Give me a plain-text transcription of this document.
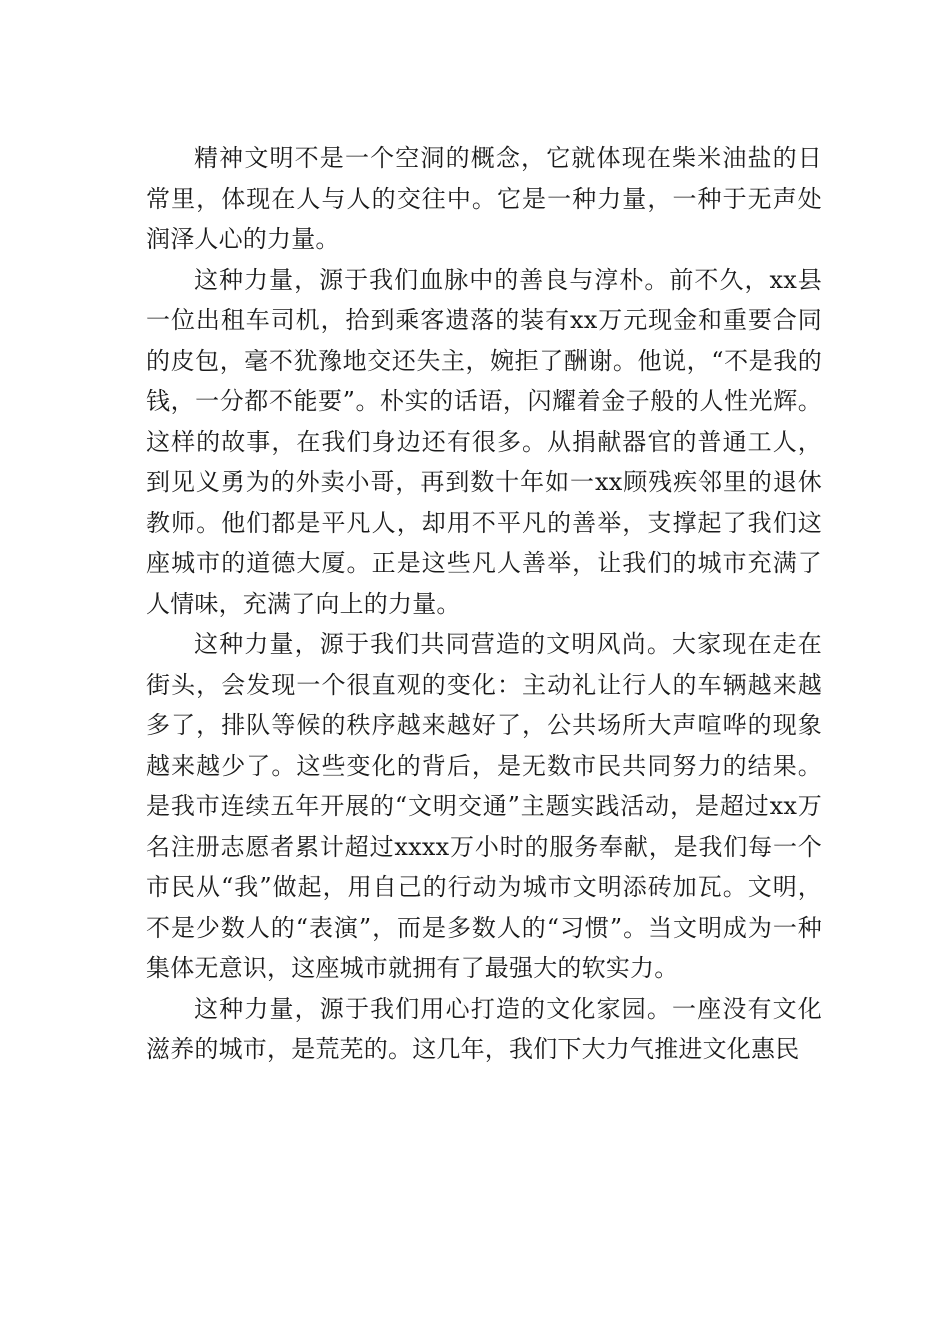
精神文明不是一个空洞的概念，它就体现在柴米油盐的日常里，体现在人与人的交往中。它是一种力量，一种于无声处润泽人心的力量。

这种力量，源于我们血脉中的善良与淳朴。前不久，xx县一位出租车司机，拾到乘客遗落的装有xx万元现金和重要合同的皮包，毫不犹豫地交还失主，婉拒了酬谢。他说，“不是我的钱，一分都不能要”。朴实的话语，闪耀着金子般的人性光辉。这样的故事，在我们身边还有很多。从捐献器官的普通工人，到见义勇为的外卖小哥，再到数十年如一xx顾残疾邻里的退休教师。他们都是平凡人，却用不平凡的善举，支撑起了我们这座城市的道德大厦。正是这些凡人善举，让我们的城市充满了人情味，充满了向上的力量。

这种力量，源于我们共同营造的文明风尚。大家现在走在街头，会发现一个很直观的变化：主动礼让行人的车辆越来越多了，排队等候的秩序越来越好了，公共场所大声喧哗的现象越来越少了。这些变化的背后，是无数市民共同努力的结果。是我市连续五年开展的“文明交通”主题实践活动，是超过xx万名注册志愿者累计超过xxxx万小时的服务奉献，是我们每一个市民从“我”做起，用自己的行动为城市文明添砖加瓦。文明，不是少数人的“表演”，而是多数人的“习惯”。当文明成为一种集体无意识，这座城市就拥有了最强大的软实力。

这种力量，源于我们用心打造的文化家园。一座没有文化滋养的城市，是荒芜的。这几年，我们下大力气推进文化惠民
